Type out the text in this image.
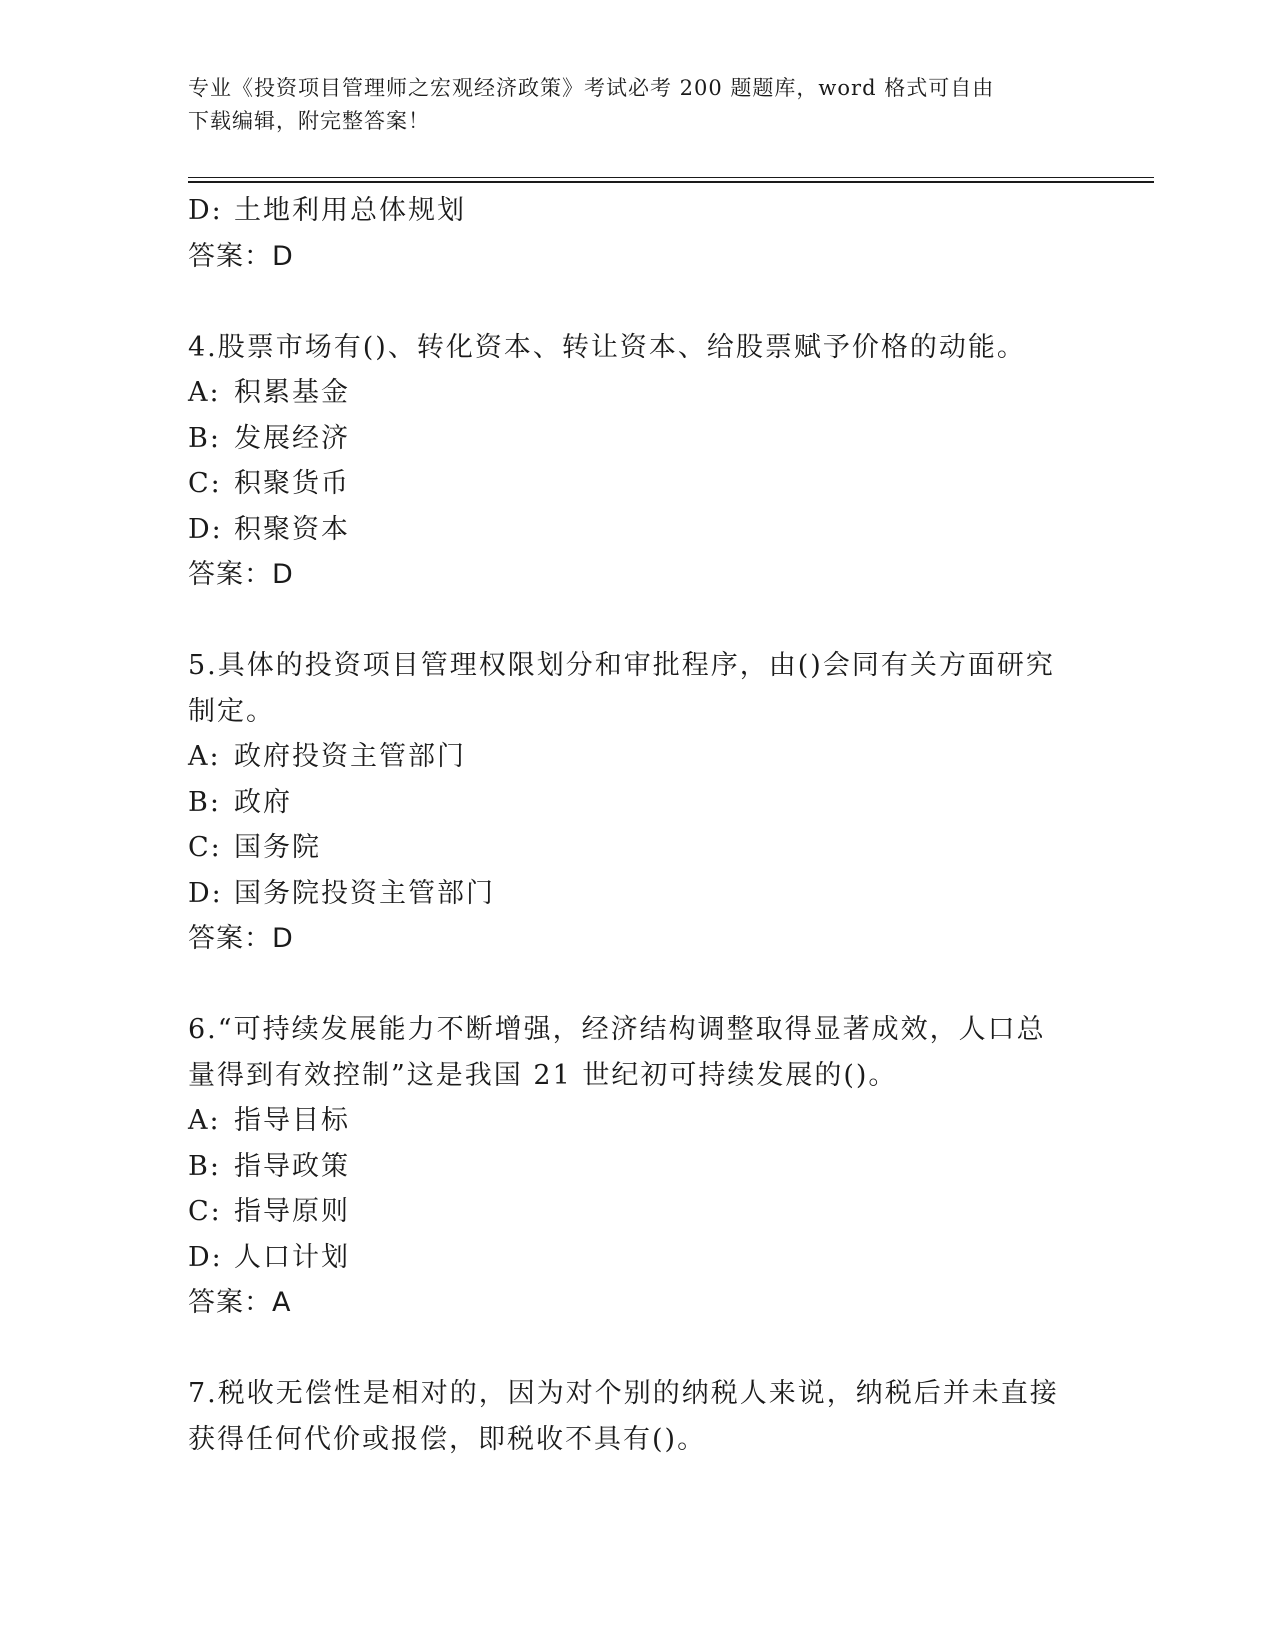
专业《投资项目管理师之宏观经济政策》考试必考 200 题题库，word 格式可自由
下载编辑，附完整答案！
D: 土地利用总体规划
答案：D
4.股票市场有()、转化资本、转让资本、给股票赋予价格的动能。
A: 积累基金
B: 发展经济
C: 积聚货币
D: 积聚资本
答案：D
5.具体的投资项目管理权限划分和审批程序，由()会同有关方面研究
制定。
A: 政府投资主管部门
B: 政府
C: 国务院
D: 国务院投资主管部门
答案：D
6.“可持续发展能力不断增强，经济结构调整取得显著成效，人口总
量得到有效控制”这是我国 21 世纪初可持续发展的()。
A: 指导目标
B: 指导政策
C: 指导原则
D: 人口计划
答案：A
7.税收无偿性是相对的，因为对个别的纳税人来说，纳税后并未直接
获得任何代价或报偿，即税收不具有()。
